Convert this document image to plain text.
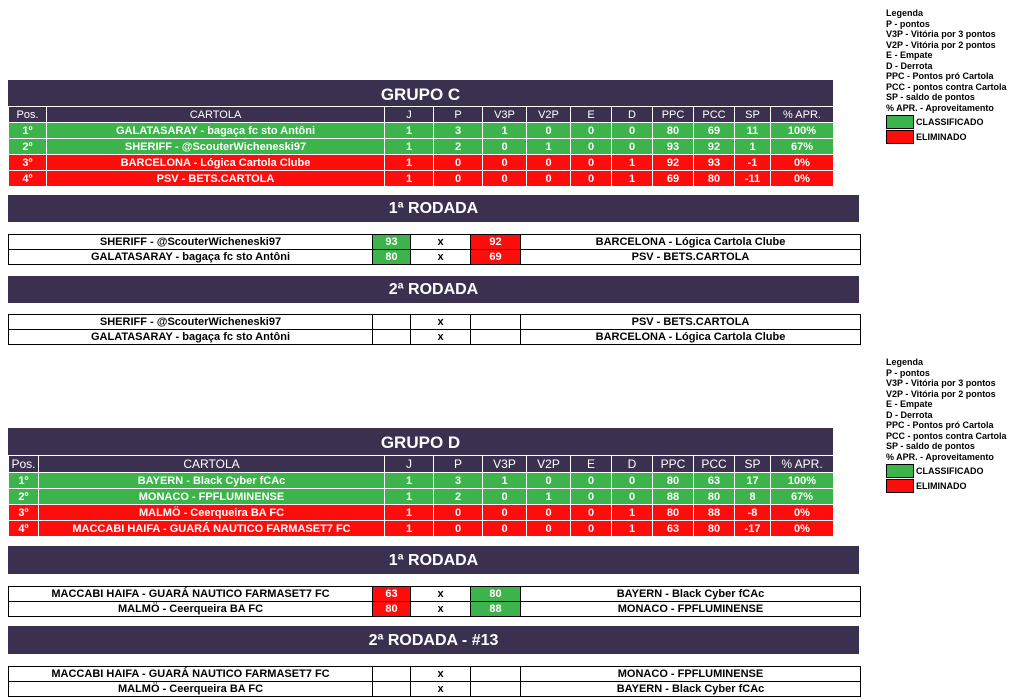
Legenda
P - pontos
V3P - Vitória por 3 pontos
V2P - Vitória por 2 pontos
E - Empate
D - Derrota
PPC - Pontos pró Cartola
PCC - pontos contra Cartola
SP - saldo de pontos
% APR. - Aproveitamento
CLASSIFICADO
ELIMINADO
Legenda
P - pontos
V3P - Vitória por 3 pontos
V2P - Vitória por 2 pontos
E - Empate
D - Derrota
PPC - Pontos pró Cartola
PCC - pontos contra Cartola
SP - saldo de pontos
% APR. - Aproveitamento
CLASSIFICADO
ELIMINADO
GRUPO C
Pos.	CARTOLA	J	P	V3P	V2P	E	D	PPC	PCC	SP	% APR.
1º	GALATASARAY - bagaça fc sto Antôni	1	3	1	0	0	0	80	69	11	100%
2º	SHERIFF - @ScouterWicheneski97	1	2	0	1	0	0	93	92	1	67%
3º	BARCELONA - Lógica Cartola Clube	1	0	0	0	0	1	92	93	-1	0%
4º	PSV - BETS.CARTOLA	1	0	0	0	0	1	69	80	-11	0%
1ª RODADA
SHERIFF - @ScouterWicheneski97	93	x	92	BARCELONA - Lógica Cartola Clube
GALATASARAY - bagaça fc sto Antôni	80	x	69	PSV - BETS.CARTOLA
2ª RODADA
SHERIFF - @ScouterWicheneski97		x		PSV - BETS.CARTOLA
GALATASARAY - bagaça fc sto Antôni		x		BARCELONA - Lógica Cartola Clube
GRUPO D
Pos.	CARTOLA	J	P	V3P	V2P	E	D	PPC	PCC	SP	% APR.
1º	BAYERN - Black Cyber fCAc	1	3	1	0	0	0	80	63	17	100%
2º	MONACO - FPFLUMINENSE	1	2	0	1	0	0	88	80	8	67%
3º	MALMÖ - Ceerqueira BA FC	1	0	0	0	0	1	80	88	-8	0%
4º	MACCABI HAIFA - GUARÁ NAUTICO FARMASET7 FC	1	0	0	0	0	1	63	80	-17	0%
1ª RODADA
MACCABI HAIFA - GUARÁ NAUTICO FARMASET7 FC	63	x	80	BAYERN - Black Cyber fCAc
MALMÖ - Ceerqueira BA FC	80	x	88	MONACO - FPFLUMINENSE
2ª RODADA - #13
MACCABI HAIFA - GUARÁ NAUTICO FARMASET7 FC		x		MONACO - FPFLUMINENSE
MALMÖ - Ceerqueira BA FC		x		BAYERN - Black Cyber fCAc
